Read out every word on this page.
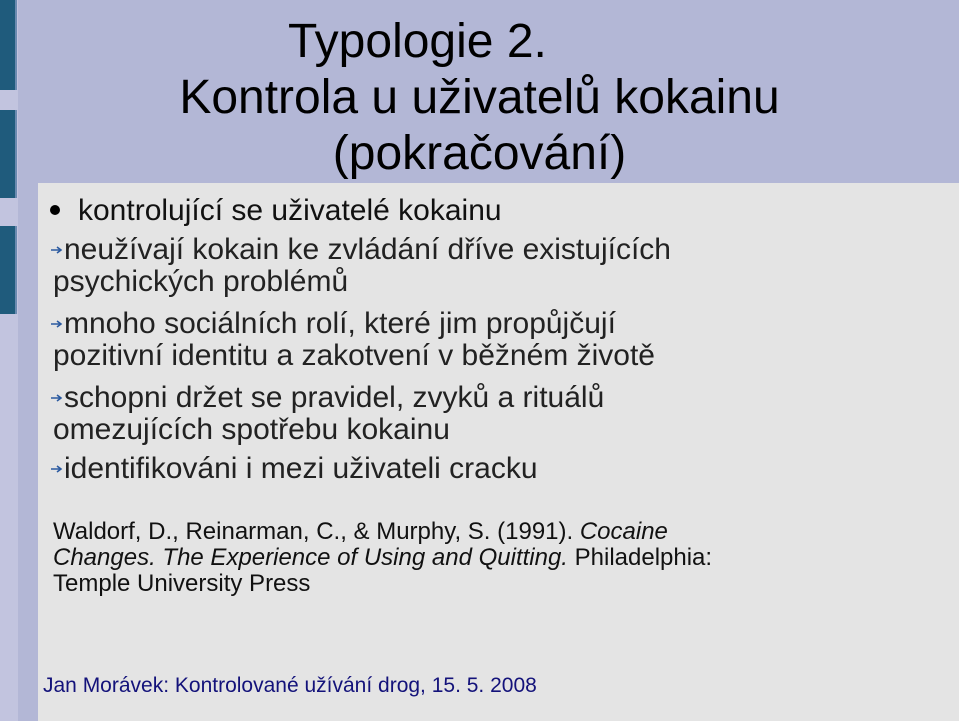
Typologie 2.
Kontrola u uživatelů kokainu
(pokračování)
kontrolující se uživatelé kokainu
neužívají kokain ke zvládání dříve existujících
psychických problémů
mnoho sociálních rolí, které jim propůjčují
pozitivní identitu a zakotvení v běžném životě
schopni držet se pravidel, zvyků a rituálů
omezujících spotřebu kokainu
identifikováni i mezi uživateli cracku
Waldorf, D., Reinarman, C., & Murphy, S. (1991). Cocaine
Changes. The Experience of Using and Quitting. Philadelphia:
Temple University Press
Jan Morávek: Kontrolované užívání drog, 15. 5. 2008
